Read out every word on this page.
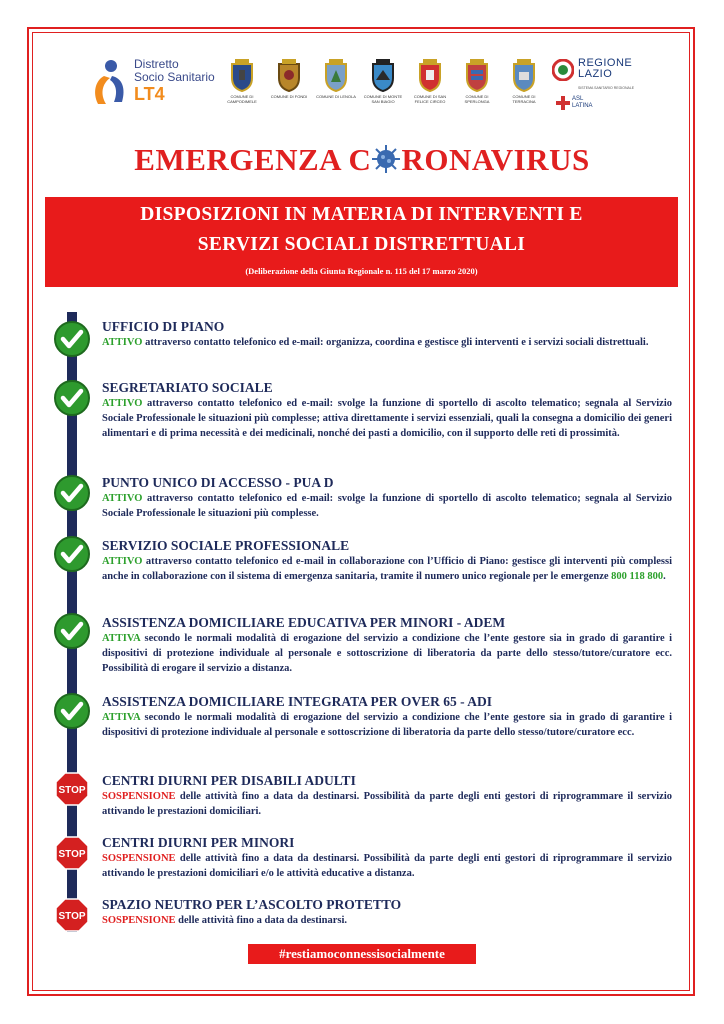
Distretto
Socio Sanitario
LT4	COMUNE DI CAMPODIMELE
COMUNE DI FONDI	COMUNE DI LENOLA COMUNE DI MONTE SAN BIAGIO
COMUNE DI SAN FELICE CIRCEO
COMUNE DI SPERLONGA
COMUNE DI TERRACINA
REGIONE
LAZIO
SISTEMA SANITARIO REGIONALE
ASL
LATINA
EMERGENZA C RONAVIRUS
DISPOSIZIONI IN MATERIA DI INTERVENTI E
SERVIZI SOCIALI DISTRETTUALI
(Deliberazione della Giunta Regionale n. 115 del 17 marzo 2020)
UFFICIO DI PIANO
ATTIVO attraverso contatto telefonico ed e-mail: organizza, coordina e gestisce gli interventi e i servizi sociali distrettuali.
SEGRETARIATO SOCIALE
ATTIVO attraverso contatto telefonico ed e-mail: svolge la funzione di sportello di ascolto telematico; segnala al Servizio Sociale Professionale le situazioni più complesse; attiva direttamente i servizi essenziali, quali la consegna a domicilio dei generi alimentari e di prima necessità e dei medicinali, nonché dei pasti a domicilio, con il supporto delle reti di prossimità.
PUNTO UNICO DI ACCESSO - PUA D
ATTIVO attraverso contatto telefonico ed e-mail: svolge la funzione di sportello di ascolto telematico; segnala al Servizio Sociale Professionale le situazioni più complesse.
SERVIZIO SOCIALE PROFESSIONALE
ATTIVO attraverso contatto telefonico ed e-mail in collaborazione con l’Ufficio di Piano: gestisce gli interventi più complessi anche in collaborazione con il sistema di emergenza sanitaria, tramite il numero unico regionale per le emergenze 800 118 800.
ASSISTENZA DOMICILIARE EDUCATIVA PER MINORI - ADEM
ATTIVA secondo le normali modalità di erogazione del servizio a condizione che l’ente gestore sia in grado di garantire i dispositivi di protezione individuale al personale e sottoscrizione di liberatoria da parte dello stesso/tutore/curatore ecc. Possibilità di erogare il servizio a distanza.
ASSISTENZA DOMICILIARE INTEGRATA PER OVER 65 - ADI
ATTIVA secondo le normali modalità di erogazione del servizio a condizione che l’ente gestore sia in grado di garantire i dispositivi di protezione individuale al personale e sottoscrizione di liberatoria da parte dello stesso/tutore/curatore ecc.
STOP
CENTRI DIURNI PER DISABILI ADULTI
SOSPENSIONE delle attività fino a data da destinarsi. Possibilità da parte degli enti gestori di riprogrammare il servizio attivando le prestazioni domiciliari.
STOP
CENTRI DIURNI PER MINORI
SOSPENSIONE delle attività fino a data da destinarsi. Possibilità da parte degli enti gestori di riprogrammare il servizio attivando le prestazioni domiciliari e/o le attività educative a distanza.
STOP
SPAZIO NEUTRO PER L’ASCOLTO PROTETTO
SOSPENSIONE delle attività fino a data da destinarsi.
#restiamoconnessisocialmente
